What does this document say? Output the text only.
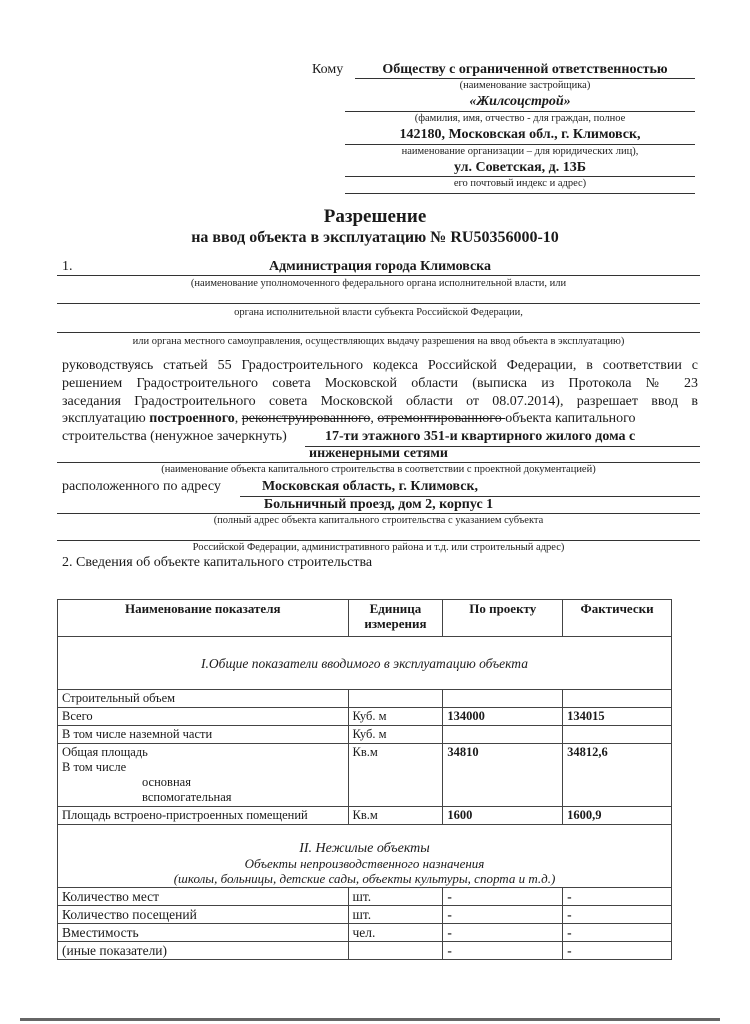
Кому	Обществу с ограниченной ответственностью
(наименование застройщика)
«Жилсоцстрой»
(фамилия, имя, отчество - для граждан, полное
142180, Московская обл., г. Климовск,
наименование организации – для юридических лиц),
ул. Советская, д. 13Б
его почтовый индекс и адрес)
Разрешение
на ввод объекта в эксплуатацию № RU50356000-10
1.	Администрация города Климовска
(наименование уполномоченного федерального органа исполнительной власти, или
органа исполнительной власти субъекта Российской Федерации,
или органа местного самоуправления, осуществляющих выдачу разрешения на ввод объекта в эксплуатацию)
руководствуясь статьей 55 Градостроительного кодекса Российской Федерации, в соответствии с
решением Градостроительного совета Московской области (выписка из Протокола № 23
заседания Градостроительного совета Московской области от 08.07.2014), разрешает ввод в
эксплуатацию построенного, реконструированного, отремонтированного объекта капитального
строительства (ненужное зачеркнуть)	17-ти этажного 351-и квартирного жилого дома с
инженерными сетями
(наименование объекта капитального строительства в соответствии с проектной документацией)
расположенного по адресу	Московская область, г. Климовск,
Больничный проезд, дом 2, корпус 1
(полный адрес объекта капитального строительства с указанием субъекта
Российской Федерации, административного района и т.д. или строительный адрес)
2. Сведения об объекте капитального строительства
Наименование показателя	Единица измерения	По проекту	Фактически
I.Общие показатели вводимого в эксплуатацию объекта			
Строительный объем			
Всего	Куб. м	134000	134015
В том числе наземной части	Куб. м		

Общая площадь
В том числе
основная
вспомогательная	Кв.м	34810	34812,6
Площадь встроено-пристроенных помещений	Кв.м	1600	1600,9

II. Нежилые объекты
Объекты непроизводственного назначения
(школы, больницы, детские сады, объекты культуры, спорта и т.д.)			

Количество мест	шт.	-	-
Количество посещений	шт.	-	-
Вместимость	чел.	-	-
(иные показатели)		-	-
